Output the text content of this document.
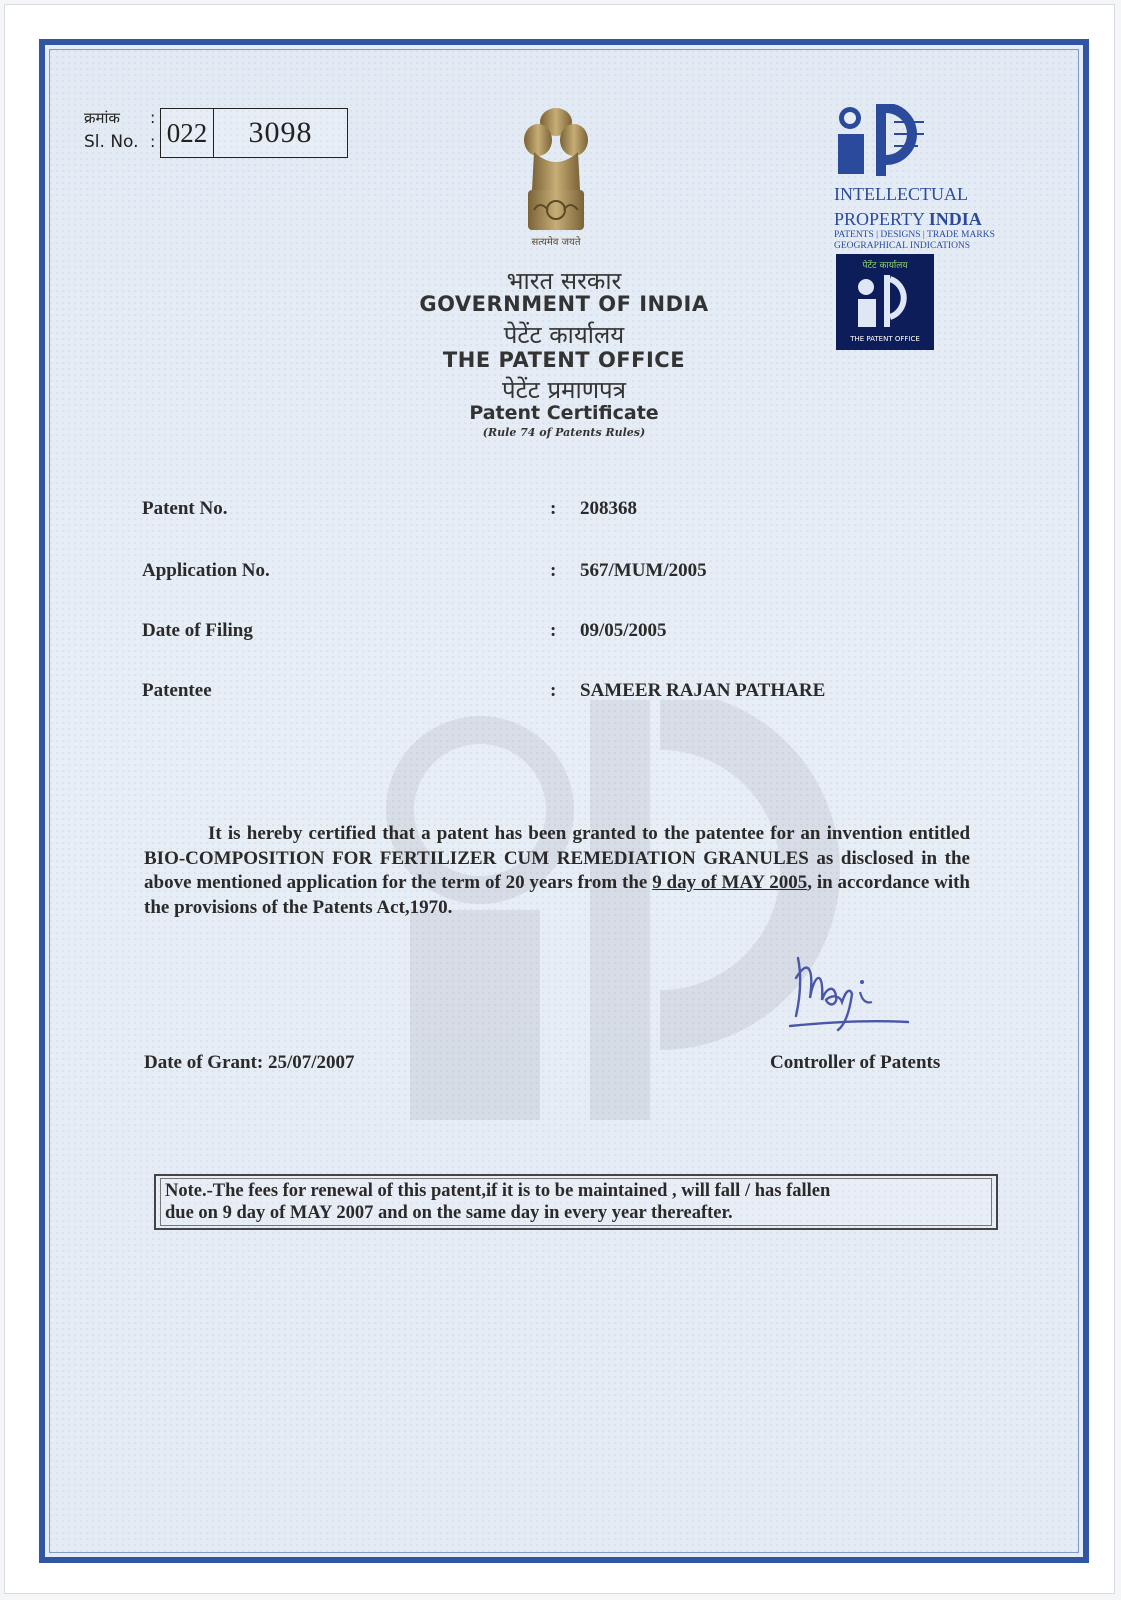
क्रमांक :
Sl. No. : 022	3098
सत्यमेव जयते
INTELLECTUAL
PROPERTY INDIA
PATENTS | DESIGNS | TRADE MARKS
GEOGRAPHICAL INDICATIONS
पेटेंट कार्यालय
THE PATENT OFFICE
भारत सरकार
GOVERNMENT OF INDIA
पेटेंट कार्यालय
THE PATENT OFFICE
पेटेंट प्रमाणपत्र
Patent Certificate
(Rule 74 of Patents Rules)
Patent No.	: 208368
Application No.	: 567/MUM/2005
Date of Filing	: 09/05/2005
Patentee	: SAMEER RAJAN PATHARE
It is hereby certified that a patent has been granted to the patentee for an invention entitled BIO-COMPOSITION FOR FERTILIZER CUM REMEDIATION GRANULES as disclosed in the above mentioned application for the term of 20 years from the 9 day of MAY 2005, in accordance with the provisions of the Patents Act,1970.
Date of Grant: 25/07/2007	Controller of Patents
Note.-The fees for renewal of this patent,if it is to be maintained , will fall / has fallen
due on 9 day of MAY 2007 and on the same day in every year thereafter.
